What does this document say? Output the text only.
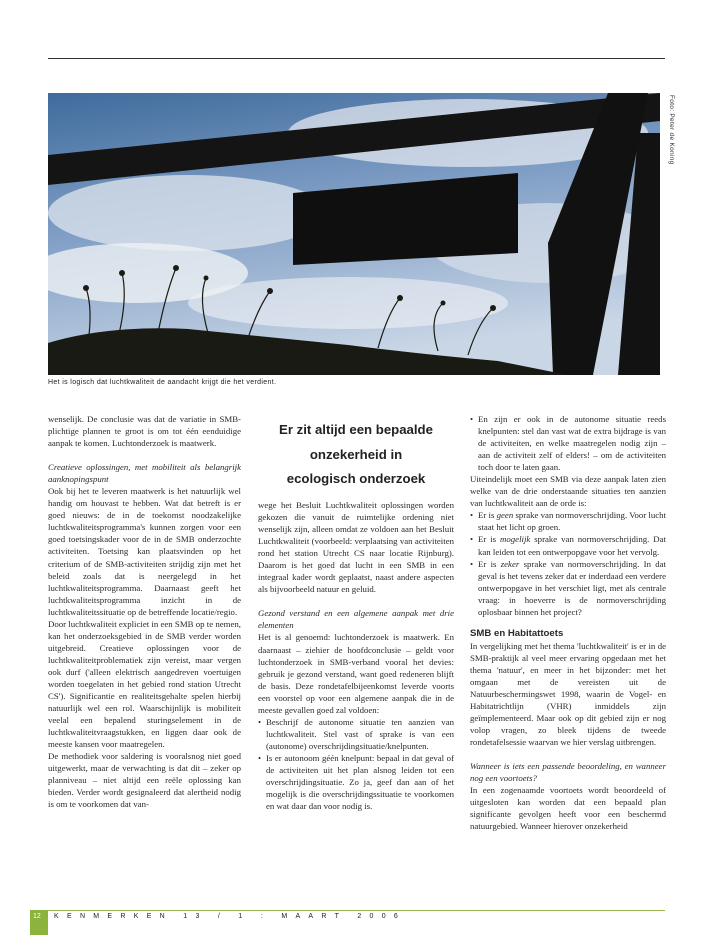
Foto: Peter de Koning
Het is logisch dat luchtkwaliteit de aandacht krijgt die het verdient.

wenselijk. De conclusie was dat de variatie in SMB-plichtige plannen te groot is om tot één eenduidige aanpak te komen. Luchtonderzoek is maatwerk.

Creatieve oplossingen, met mobiliteit als belangrijk aanknopingspunt

Ook bij het te leveren maatwerk is het natuurlijk wel handig om houvast te hebben. Wat dat betreft is er goed nieuws: de in de toekomst noodzakelijke luchtkwaliteitsprogramma's kunnen zorgen voor een goed toetsingskader voor de in de SMB onderzochte activiteiten. Toetsing kan plaatsvinden op het criterium of de SMB-activiteiten strijdig zijn met het beleid zoals dat is neergelegd in het luchtkwaliteitsprogramma. Daarnaast geeft het luchtkwaliteitsprogramma inzicht in de luchtkwaliteitssituatie op de betreffende locatie/regio.

Door luchtkwaliteit expliciet in een SMB op te nemen, kan het onderzoeksgebied in de SMB verder worden uitgebreid. Creatieve oplossingen voor de luchtkwaliteitproblematiek zijn vereist, maar vergen ook durf ('alleen elektrisch aangedreven voertuigen worden toegelaten in het gebied rond station Utrecht CS'). Significantie en realiteitsgehalte spelen hierbij natuurlijk wel een rol. Waarschijnlijk is mobiliteit veelal een bepalend sturingselement in de luchtkwaliteitvraagstukken, en liggen daar ook de meeste kansen voor maatregelen.

De methodiek voor saldering is vooralsnog niet goed uitgewerkt, maar de verwachting is dat dit – zeker op planniveau – niet altijd een reële oplossing kan bieden. Verder wordt gesignaleerd dat alertheid nodig is om te voorkomen dat van-

Er zit altijd een bepaalde
onzekerheid in
ecologisch onderzoek

wege het Besluit Luchtkwaliteit oplossingen worden gekozen die vanuit de ruimtelijke ordening niet wenselijk zijn, alleen omdat ze voldoen aan het Besluit Luchtkwaliteit (voorbeeld: verplaatsing van activiteiten rond het station Utrecht CS naar locatie Rijnburg). Daarom is het goed dat lucht in een SMB in een integraal kader wordt geplaatst, naast andere aspecten als bijvoorbeeld natuur en geluid.

Gezond verstand en een algemene aanpak met drie elementen

Het is al genoemd: luchtonderzoek is maatwerk. En daarnaast – ziehier de hoofdconclusie – geldt voor luchtonderzoek in SMB-verband vooral het devies: gebruik je gezond verstand, want goed redeneren blijft de basis. Deze rondetafelbijeenkomst leverde voorts een voorstel op voor een algemene aanpak die in de meeste gevallen goed zal voldoen:

• Beschrijf de autonome situatie ten aanzien van luchtkwaliteit. Stel vast of sprake is van een (autonome) overschrijdingsituatie/knelpunten.
• Is er autonoom géén knelpunt: bepaal in dat geval of de activiteiten uit het plan alsnog leiden tot een overschrijdingsituatie. Zo ja, geef dan aan of het mogelijk is die overschrijdingssituatie te voorkomen en wat daar dan voor nodig is.
• En zijn er ook in de autonome situatie reeds knelpunten: stel dan vast wat de extra bijdrage is van de activiteiten, en welke maatregelen nodig zijn – aan de activiteit zelf of elders! – om de activiteiten toch door te laten gaan.

Uiteindelijk moet een SMB via deze aanpak laten zien welke van de drie onderstaande situaties ten aanzien van luchtkwaliteit aan de orde is:

• Er is geen sprake van normoverschrijding. Voor lucht staat het licht op groen.
• Er is mogelijk sprake van normoverschrijding. Dat kan leiden tot een ontwerpopgave voor het vervolg.
• Er is zeker sprake van normoverschrijding. In dat geval is het tevens zeker dat er inderdaad een verdere ontwerpopgave in het verschiet ligt, met als centrale vraag: in hoeverre is de normoverschrijding oplosbaar binnen het project?
SMB en Habitattoets

In vergelijking met het thema 'luchtkwaliteit' is er in de SMB-praktijk al veel meer ervaring opgedaan met het thema 'natuur', en meer in het bijzonder: met het omgaan met de vereisten uit de Natuurbeschermingswet 1998, waarin de Vogel- en Habitatrichtlijn (VHR) inmiddels zijn geïmplementeerd. Maar ook op dit gebied zijn er nog volop vragen, zo bleek tijdens de tweede rondetafelsessie waarvan we hier verslag uitbrengen.

Wanneer is iets een passende beoordeling, en wanneer nog een voortoets?

In een zogenaamde voortoets wordt beoordeeld of uitgesloten kan worden dat een bepaald plan significante gevolgen heeft voor een beschermd natuurgebied. Wanneer hierover onzekerheid

12 KENMERKEN 13 / 1 : MAART 2006
